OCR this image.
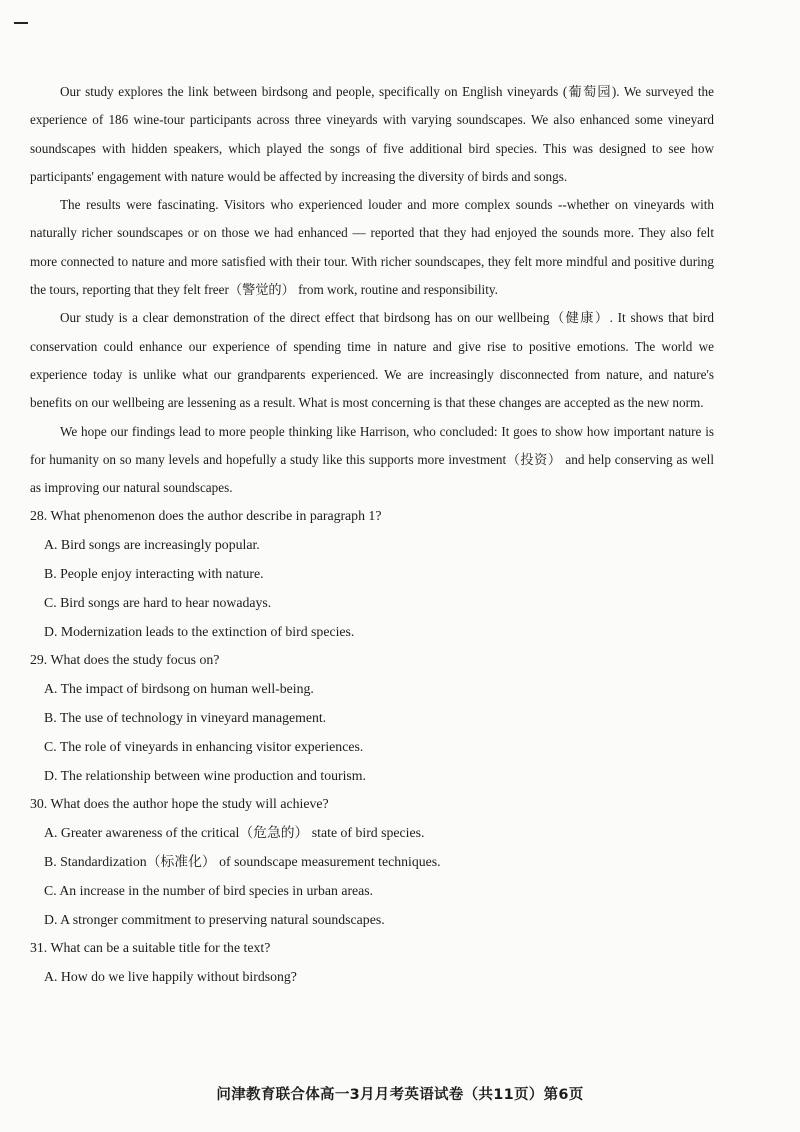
Our study explores the link between birdsong and people, specifically on English vineyards (葡萄园). We surveyed the experience of 186 wine-tour participants across three vineyards with varying soundscapes. We also enhanced some vineyard soundscapes with hidden speakers, which played the songs of five additional bird species. This was designed to see how participants' engagement with nature would be affected by increasing the diversity of birds and songs.

The results were fascinating. Visitors who experienced louder and more complex sounds --whether on vineyards with naturally richer soundscapes or on those we had enhanced — reported that they had enjoyed the sounds more. They also felt more connected to nature and more satisfied with their tour. With richer soundscapes, they felt more mindful and positive during the tours, reporting that they felt freer（警觉的） from work, routine and responsibility.

Our study is a clear demonstration of the direct effect that birdsong has on our wellbeing（健康）. It shows that bird conservation could enhance our experience of spending time in nature and give rise to positive emotions. The world we experience today is unlike what our grandparents experienced. We are increasingly disconnected from nature, and nature's benefits on our wellbeing are lessening as a result. What is most concerning is that these changes are accepted as the new norm.

We hope our findings lead to more people thinking like Harrison, who concluded: It goes to show how important nature is for humanity on so many levels and hopefully a study like this supports more investment（投资） and help conserving as well as improving our natural soundscapes.

28. What phenomenon does the author describe in paragraph 1?

A. Bird songs are increasingly popular.

B. People enjoy interacting with nature.

C. Bird songs are hard to hear nowadays.

D. Modernization leads to the extinction of bird species.

29. What does the study focus on?

A. The impact of birdsong on human well-being.

B. The use of technology in vineyard management.

C. The role of vineyards in enhancing visitor experiences.

D. The relationship between wine production and tourism.

30. What does the author hope the study will achieve?

A. Greater awareness of the critical（危急的） state of bird species.

B. Standardization（标准化） of soundscape measurement techniques.

C. An increase in the number of bird species in urban areas.

D. A stronger commitment to preserving natural soundscapes.

31. What can be a suitable title for the text?

A. How do we live happily without birdsong?

问津教育联合体高一3月月考英语试卷（共11页）第6页
